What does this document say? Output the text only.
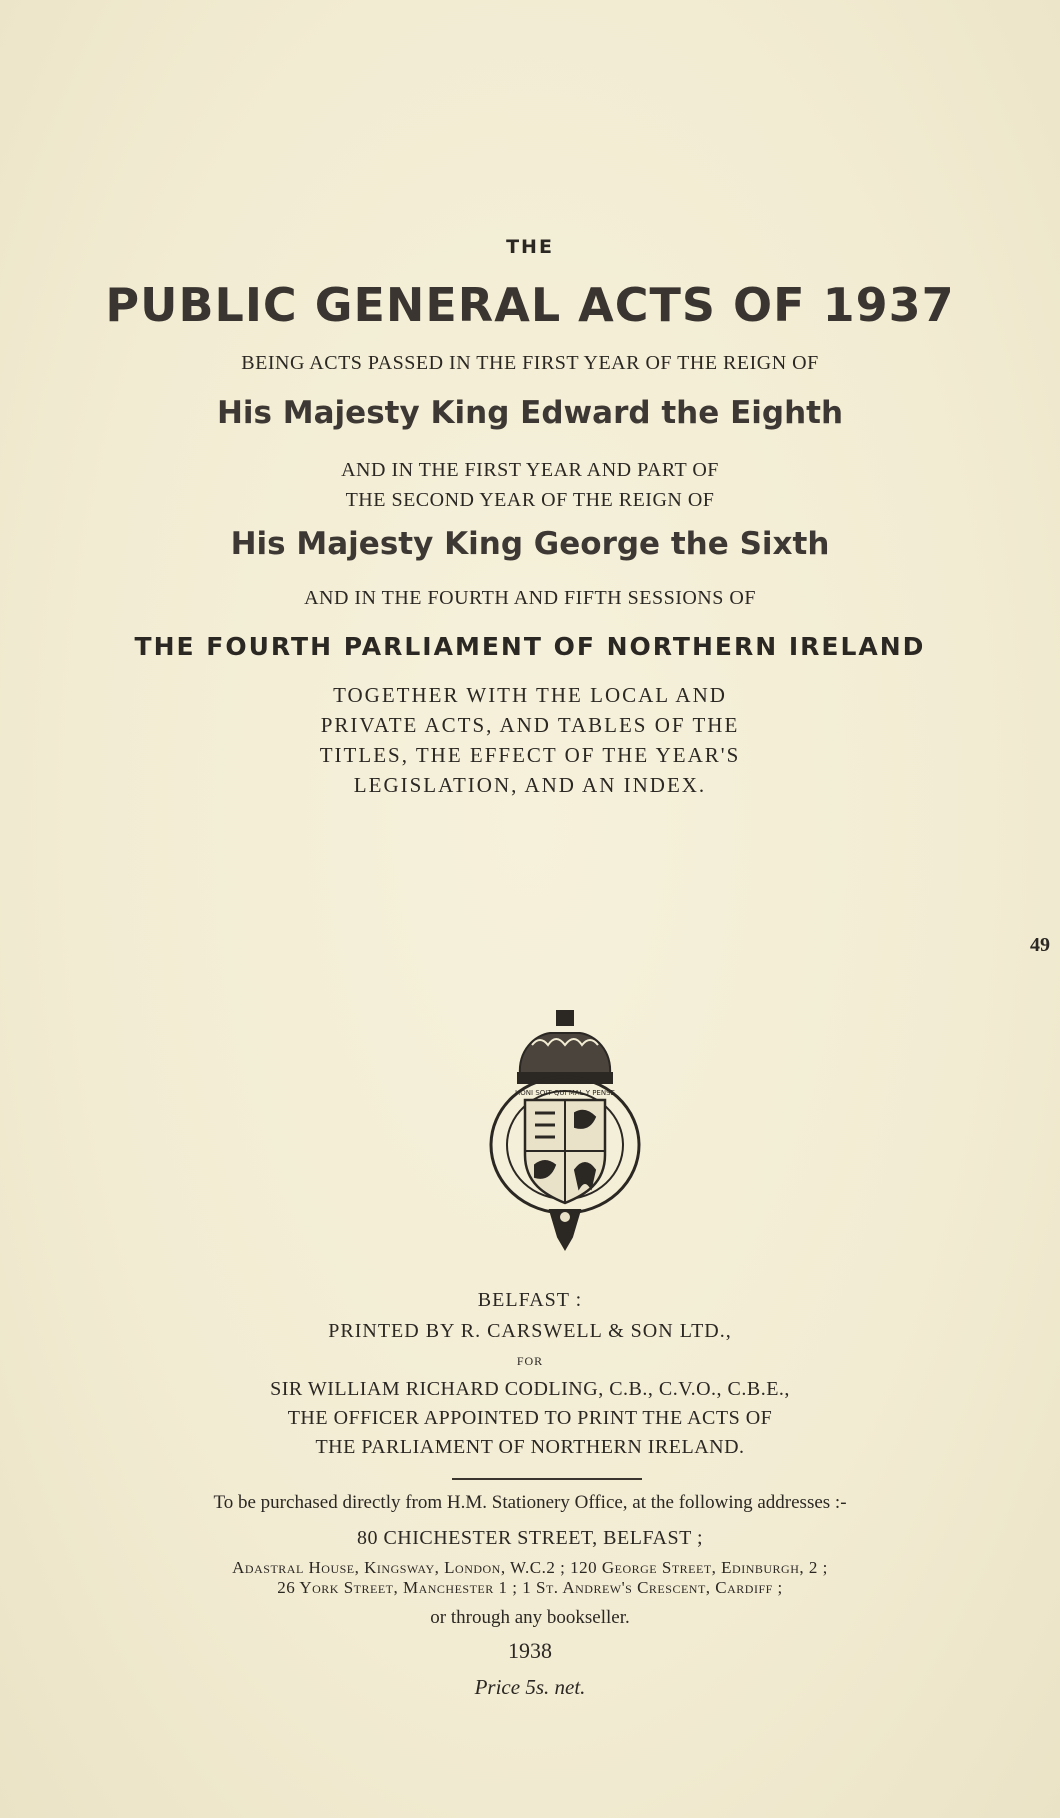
THE
PUBLIC GENERAL ACTS OF 1937
BEING ACTS PASSED IN THE FIRST YEAR OF THE REIGN OF
His Majesty King Edward the Eighth
AND IN THE FIRST YEAR AND PART OF
THE SECOND YEAR OF THE REIGN OF
His Majesty King George the Sixth
AND IN THE FOURTH AND FIFTH SESSIONS OF
THE FOURTH PARLIAMENT OF NORTHERN IRELAND
TOGETHER WITH THE LOCAL AND
PRIVATE ACTS, AND TABLES OF THE
TITLES, THE EFFECT OF THE YEAR'S
LEGISLATION, AND AN INDEX.
49
HONI SOIT QUI MAL Y PENSE
BELFAST :
PRINTED BY R. CARSWELL & SON LTD.,
FOR
SIR WILLIAM RICHARD CODLING, C.B., C.V.O., C.B.E.,
THE OFFICER APPOINTED TO PRINT THE ACTS OF
THE PARLIAMENT OF NORTHERN IRELAND.
To be purchased directly from H.M. Stationery Office, at the following addresses :-
80 CHICHESTER STREET, BELFAST ;
Adastral House, Kingsway, London, W.C.2 ; 120 George Street, Edinburgh, 2 ;
26 York Street, Manchester 1 ; 1 St. Andrew's Crescent, Cardiff ;
or through any bookseller.
1938
Price 5s. net.
